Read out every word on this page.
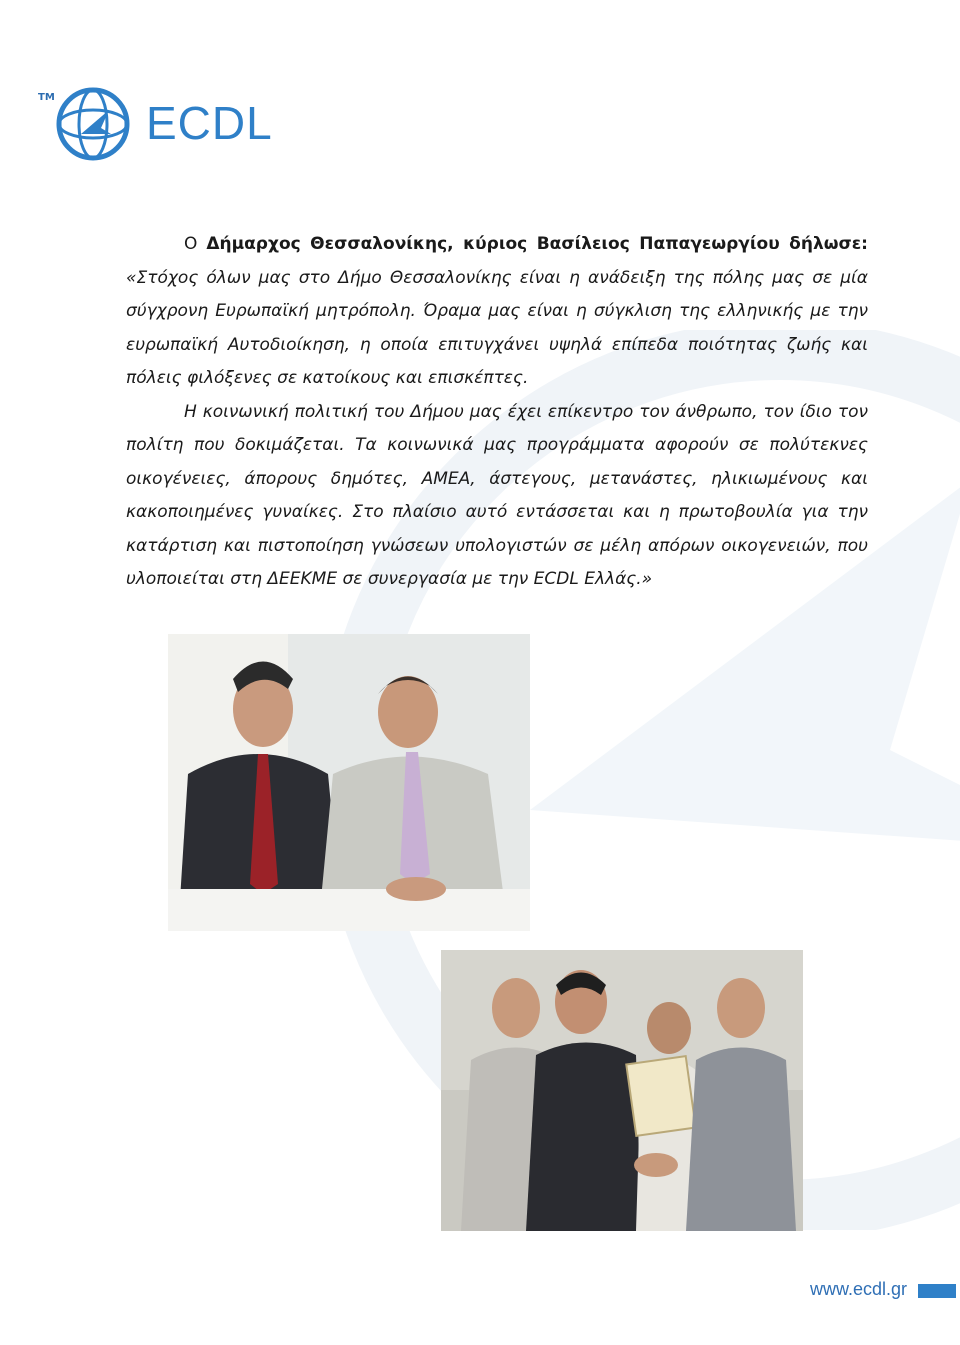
TM ECDL
Ο Δήμαρχος Θεσσαλονίκης, κύριος Βασίλειος Παπαγεωργίου δήλωσε: «Στόχος όλων μας στο Δήμο Θεσσαλονίκης είναι η ανάδειξη της πόλης μας σε μία σύγχρονη Ευρωπαϊκή μητρόπολη. Όραμα μας είναι η σύγκλιση της ελληνικής με την ευρωπαϊκή Αυτοδιοίκηση, η οποία επιτυγχάνει υψηλά επίπεδα ποιότητας ζωής και πόλεις φιλόξενες σε κατοίκους και επισκέπτες.
Η κοινωνική πολιτική του Δήμου μας έχει επίκεντρο τον άνθρωπο, τον ίδιο τον πολίτη που δοκιμάζεται. Τα κοινωνικά μας προγράμματα αφορούν σε πολύτεκνες οικογένειες, άπορους δημότες, ΑΜΕΑ, άστεγους, μετανάστες, ηλικιωμένους και κακοποιημένες γυναίκες. Στο πλαίσιο αυτό εντάσσεται και η πρωτοβουλία για την κατάρτιση και πιστοποίηση γνώσεων υπολογιστών σε μέλη απόρων οικογενειών, που υλοποιείται στη ΔΕΕΚΜΕ σε συνεργασία με την ECDL Ελλάς.»
www.ecdl.gr
